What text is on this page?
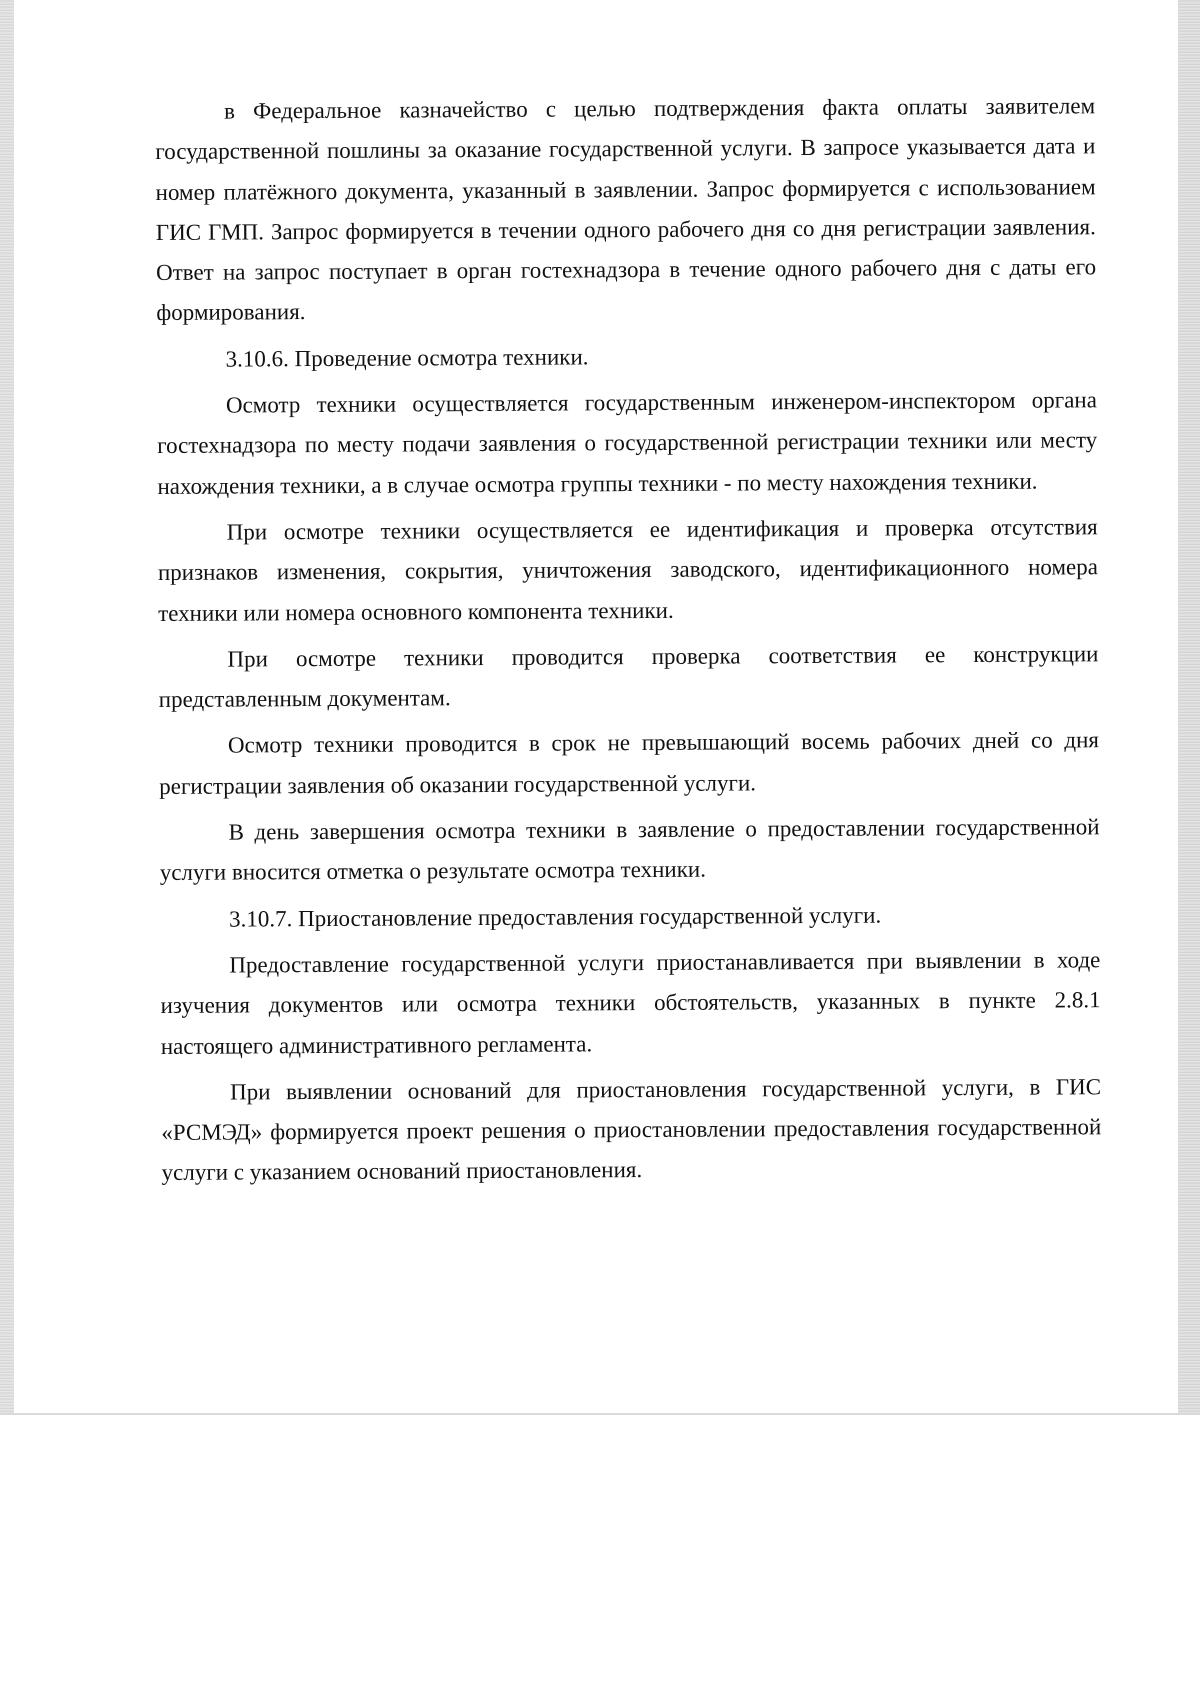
в Федеральное казначейство с целью подтверждения факта оплаты заявителем государственной пошлины за оказание государственной услуги. В запросе указывается дата и номер платёжного документа, указанный в заявлении. Запрос формируется с использованием ГИС ГМП. Запрос формируется в течении одного рабочего дня со дня регистрации заявления. Ответ на запрос поступает в орган гостехнадзора в течение одного рабочего дня с даты его формирования.

3.10.6. Проведение осмотра техники.

Осмотр техники осуществляется государственным инженером-инспектором органа гостехнадзора по месту подачи заявления о государственной регистрации техники или месту нахождения техники, а в случае осмотра группы техники - по месту нахождения техники.

При осмотре техники осуществляется ее идентификация и проверка отсутствия признаков изменения, сокрытия, уничтожения заводского, идентификационного номера техники или номера основного компонента техники.

При осмотре техники проводится проверка соответствия ее конструкции представленным документам.

Осмотр техники проводится в срок не превышающий восемь рабочих дней со дня регистрации заявления об оказании государственной услуги.

В день завершения осмотра техники в заявление о предоставлении государственной услуги вносится отметка о результате осмотра техники.

3.10.7. Приостановление предоставления государственной услуги.

Предоставление государственной услуги приостанавливается при выявлении в ходе изучения документов или осмотра техники обстоятельств, указанных в пункте 2.8.1 настоящего административного регламента.

При выявлении оснований для приостановления государственной услуги, в ГИС «РСМЭД» формируется проект решения о приостановлении предоставления государственной услуги с указанием оснований приостановления.
